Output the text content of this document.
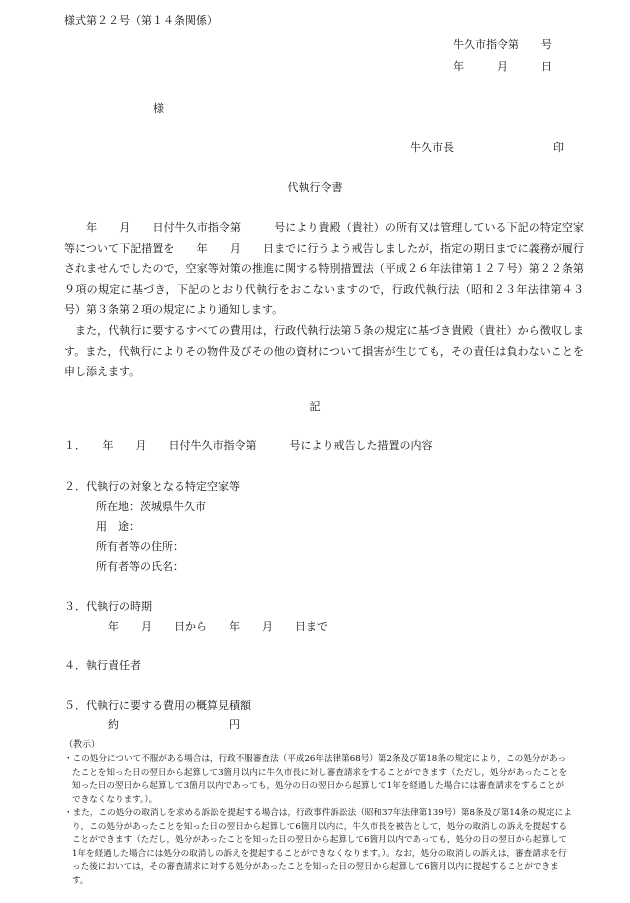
様式第２２号（第１４条関係）
牛久市指令第　　号
年　　　月　　　日
様
牛久市長　　　　　　　　　印
代執行令書

　　年　　月　　日付牛久市指令第　　　号により貴殿（貴社）の所有又は管理している下記の特定空家等について下記措置を　　年　　月　　日までに行うよう戒告しましたが，指定の期日までに義務が履行されませんでしたので，空家等対策の推進に関する特別措置法（平成２６年法律第１２７号）第２２条第９項の規定に基づき，下記のとおり代執行をおこないますので，行政代執行法（昭和２３年法律第４３号）第３条第２項の規定により通知します。

また，代執行に要するすべての費用は，行政代執行法第５条の規定に基づき貴殿（貴社）から徴収します。また，代執行によりその物件及びその他の資材について損害が生じても，その責任は負わないことを申し添えます。

記
１．　　年　　月　　日付牛久市指令第　　　号により戒告した措置の内容
２．代執行の対象となる特定空家等
所在地：茨城県牛久市
用　途：
所有者等の住所：
所有者等の氏名：
３．代執行の時期
年　　月　　日から　　年　　月　　日まで
４．執行責任者
５．代執行に要する費用の概算見積額
約　　　　　　　　　　円
（教示）

・この処分について不服がある場合は，行政不服審査法（平成26年法律第68号）第2条及び第18条の規定により，この処分があったことを知った日の翌日から起算して3箇月以内に牛久市長に対し審査請求をすることができます（ただし，処分があったことを知った日の翌日から起算して3箇月以内であっても，処分の日の翌日から起算して1年を経過した場合には審査請求をすることができなくなります。）。

・また，この処分の取消しを求める訴訟を提起する場合は，行政事件訴訟法（昭和37年法律第139号）第8条及び第14条の規定により，この処分があったことを知った日の翌日から起算して6箇月以内に，牛久市長を被告として，処分の取消しの訴えを提起することができます（ただし，処分があったことを知った日の翌日から起算して6箇月以内であっても，処分の日の翌日から起算して1年を経過した場合には処分の取消しの訴えを提起することができなくなります。）。なお，処分の取消しの訴えは，審査請求を行った後においては，その審査請求に対する処分があったことを知った日の翌日から起算して6箇月以内に提起することができます。
